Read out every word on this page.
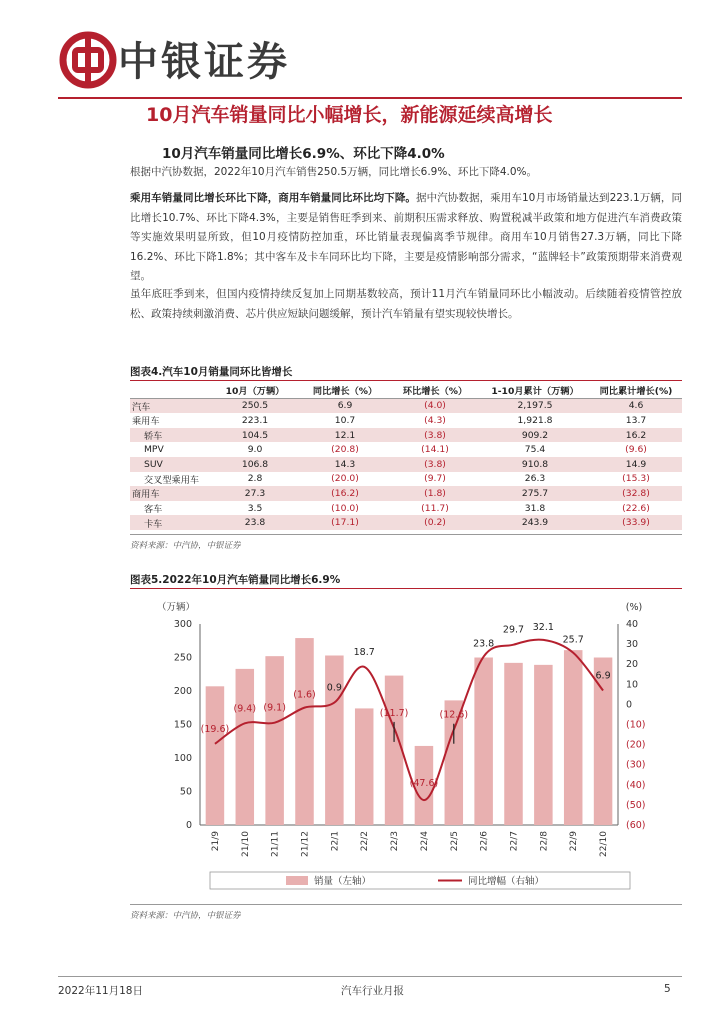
中银证券
10月汽车销量同比小幅增长，新能源延续高增长
10月汽车销量同比增长6.9%、环比下降4.0%
根据中汽协数据，2022年10月汽车销售250.5万辆，同比增长6.9%、环比下降4.0%。
乘用车销量同比增长环比下降，商用车销量同比环比均下降。据中汽协数据，乘用车10月市场销量达到223.1万辆，同比增长10.7%、环比下降4.3%，主要是销售旺季到来、前期积压需求释放、购置税减半政策和地方促进汽车消费政策等实施效果明显所致，但10月疫情防控加重，环比销量表现偏离季节规律。商用车10月销售27.3万辆，同比下降16.2%、环比下降1.8%；其中客车及卡车同环比均下降，主要是疫情影响部分需求，“蓝牌轻卡”政策预期带来消费观望。
虽年底旺季到来，但国内疫情持续反复加上同期基数较高，预计11月汽车销量同环比小幅波动。后续随着疫情管控放松、政策持续刺激消费、芯片供应短缺问题缓解，预计汽车销量有望实现较快增长。
图表4.汽车10月销量同环比皆增长
	10月（万辆）	同比增长（%）	环比增长（%）	1-10月累计（万辆）	同比累计增长(%)
汽车	250.5	6.9	(4.0)	2,197.5	4.6
乘用车	223.1	10.7	(4.3)	1,921.8	13.7
轿车	104.5	12.1	(3.8)	909.2	16.2
MPV	9.0	(20.8)	(14.1)	75.4	(9.6)
SUV	106.8	14.3	(3.8)	910.8	14.9
交叉型乘用车	2.8	(20.0)	(9.7)	26.3	(15.3)
商用车	27.3	(16.2)	(1.8)	275.7	(32.8)
客车	3.5	(10.0)	(11.7)	31.8	(22.6)
卡车	23.8	(17.1)	(0.2)	243.9	(33.9)
资料来源：中汽协，中银证券
图表5.2022年10月汽车销量同比增长6.9%
（万辆）	(%)
0
50
100
150
200
250
300
(60)
(50)
(40)
(30)
(20)
(10)
0
10
20
30
40
(19.6)
(9.4) (9.1)
(1.6)
0.9
18.7
(11.7)
(47.6)
(12.6)
23.8
29.7 32.1
25.7
6.9
21/9 21/10 21/11 21/12 22/1 22/2 22/3 22/4 22/5 22/6 22/7 22/8 22/9 22/10
销量（左轴）	同比增幅（右轴）
资料来源：中汽协，中银证券
2022年11月18日	汽车行业月报	5
